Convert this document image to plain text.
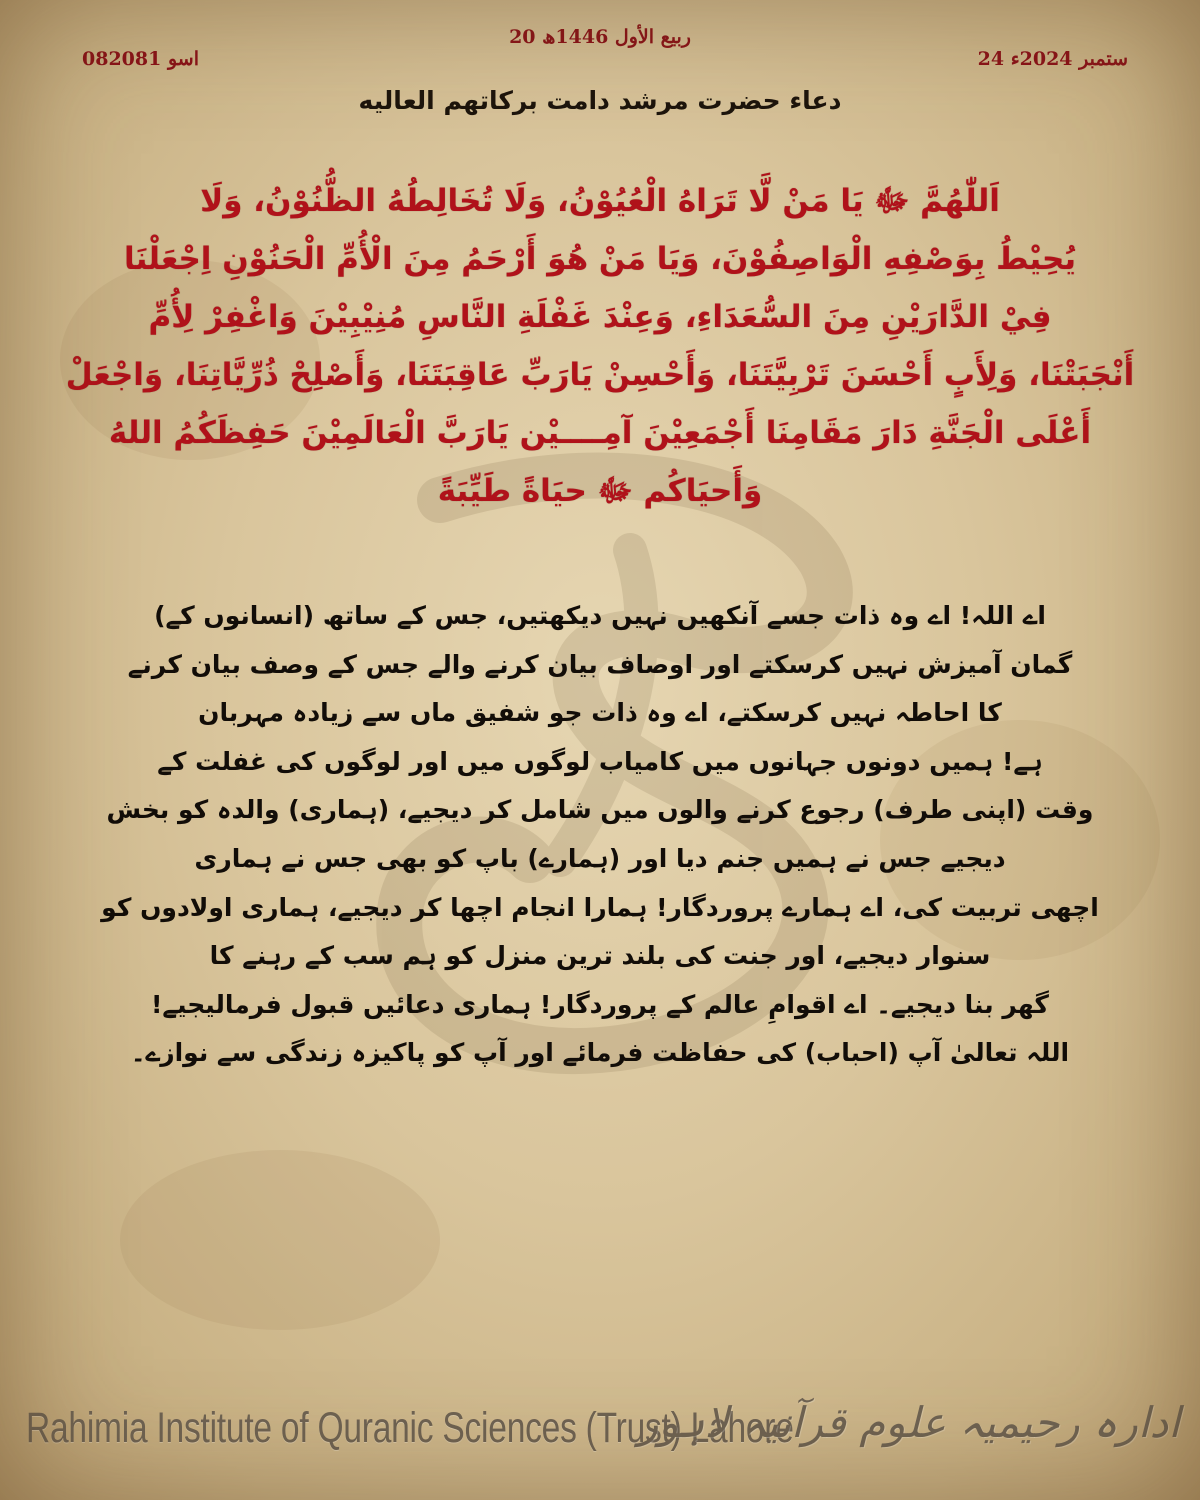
20 ربیع الأول 1446ھ
24 ستمبر 2024ء
08اسو 2081
دعاء حضرت مرشد دامت برکاتھم العالیه

اَللّٰهُمَّ ﷻ يَا مَنْ لَّا تَرَاهُ الْعُيُوْنُ، وَلَا تُخَالِطُهُ الظُّنُوْنُ، وَلَا
يُحِيْطُ بِوَصْفِهِ الْوَاصِفُوْنَ، وَيَا مَنْ هُوَ أَرْحَمُ مِنَ الْأُمِّ الْحَنُوْنِ اِجْعَلْنَا
فِيْ الدَّارَيْنِ مِنَ السُّعَدَاءِ، وَعِنْدَ غَفْلَةِ النَّاسِ مُنِيْبِيْنَ وَاغْفِرْ لِأُمِّ
أَنْجَبَتْنَا، وَلِأَبٍ أَحْسَنَ تَرْبِيَّتَنَا، وَأَحْسِنْ يَارَبِّ عَاقِبَتَنَا، وَأَصْلِحْ ذُرِّيَّاتِنَا، وَاجْعَلْ
أَعْلَى الْجَنَّةِ دَارَ مَقَامِنَا أَجْمَعِيْنَ آمِــــيْن يَارَبَّ الْعَالَمِيْنَ حَفِظَكُمُ اللهُ
وَأَحيَاكُم ﷻ حيَاةً طَيِّبَةً

اے اللہ! اے وہ ذات جسے آنکھیں نہیں دیکھتیں، جس کے ساتھ (انسانوں کے)
گمان آمیزش نہیں کرسکتے اور اوصاف بیان کرنے والے جس کے وصف بیان کرنے
کا احاطہ نہیں کرسکتے، اے وہ ذات جو شفیق ماں سے زیادہ مہربان
ہے! ہمیں دونوں جہانوں میں کامیاب لوگوں میں اور لوگوں کی غفلت کے
وقت (اپنی طرف) رجوع کرنے والوں میں شامل کر دیجیے، (ہماری) والدہ کو بخش
دیجیے جس نے ہمیں جنم دیا اور (ہمارے) باپ کو بھی جس نے ہماری
اچھی تربیت کی، اے ہمارے پروردگار! ہمارا انجام اچھا کر دیجیے، ہماری اولادوں کو
سنوار دیجیے، اور جنت کی بلند ترین منزل کو ہم سب کے رہنے کا
گھر بنا دیجیے۔ اے اقوامِ عالم کے پروردگار! ہماری دعائیں قبول فرمالیجیے!
اللہ تعالیٰ آپ (احباب) کی حفاظت فرمائے اور آپ کو پاکیزہ زندگی سے نوازے۔

Rahimia Institute of Quranic Sciences (Trust) Lahore
ادارہ رحیمیہ علوم قرآنیہ لاہور
